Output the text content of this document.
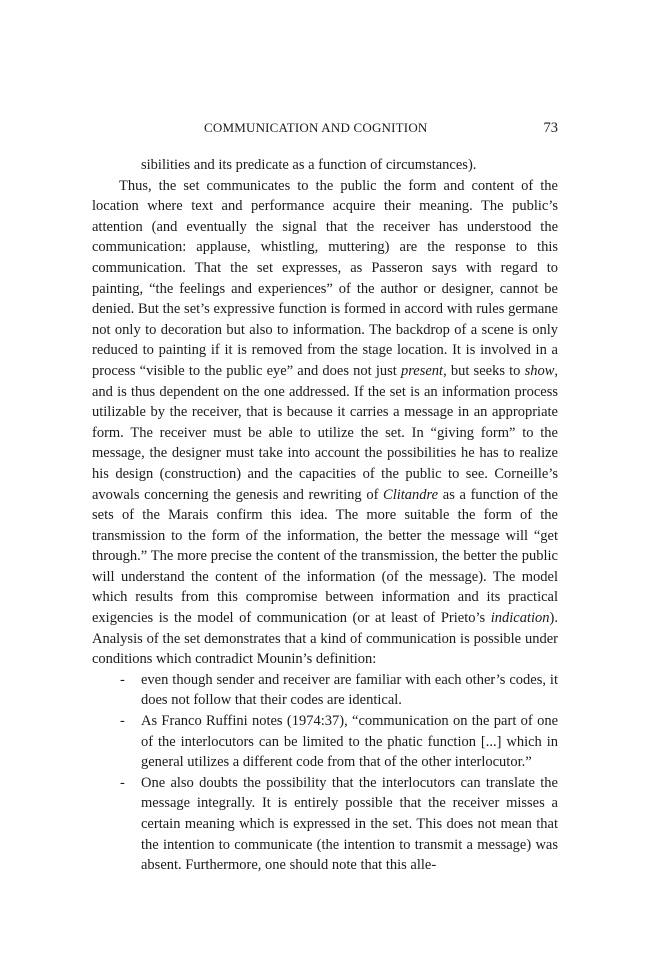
COMMUNICATION AND COGNITION	73

sibilities and its predicate as a function of circumstances).

Thus, the set communicates to the public the form and content of the location where text and performance acquire their meaning. The public’s attention (and eventually the signal that the receiver has understood the communication: applause, whistling, muttering) are the response to this communication. That the set expresses, as Passeron says with regard to painting, “the feelings and experiences” of the author or designer, cannot be denied. But the set’s expressive function is formed in accord with rules germane not only to decoration but also to information. The backdrop of a scene is only reduced to painting if it is removed from the stage location. It is involved in a process “visible to the public eye” and does not just present, but seeks to show, and is thus dependent on the one addressed. If the set is an information process utilizable by the receiver, that is because it carries a message in an appropriate form. The receiver must be able to utilize the set. In “giving form” to the message, the designer must take into account the possibilities he has to realize his design (construction) and the capacities of the public to see. Corneille’s avowals concerning the genesis and rewriting of Clitandre as a function of the sets of the Marais confirm this idea. The more suitable the form of the transmission to the form of the information, the better the message will “get through.” The more precise the content of the transmission, the better the public will understand the content of the information (of the message). The model which results from this compromise between information and its practical exigencies is the model of communication (or at least of Prieto’s indication). Analysis of the set demonstrates that a kind of communication is possible under conditions which contradict Mounin’s definition:

- even though sender and receiver are familiar with each other’s codes, it does not follow that their codes are identical.
- As Franco Ruffini notes (1974:37), “communication on the part of one of the interlocutors can be limited to the phatic function [...] which in general utilizes a different code from that of the other interlocutor.”
- One also doubts the possibility that the interlocutors can translate the message integrally. It is entirely possible that the receiver misses a certain meaning which is expressed in the set. This does not mean that the intention to communicate (the intention to transmit a message) was absent. Furthermore, one should note that this alle-
